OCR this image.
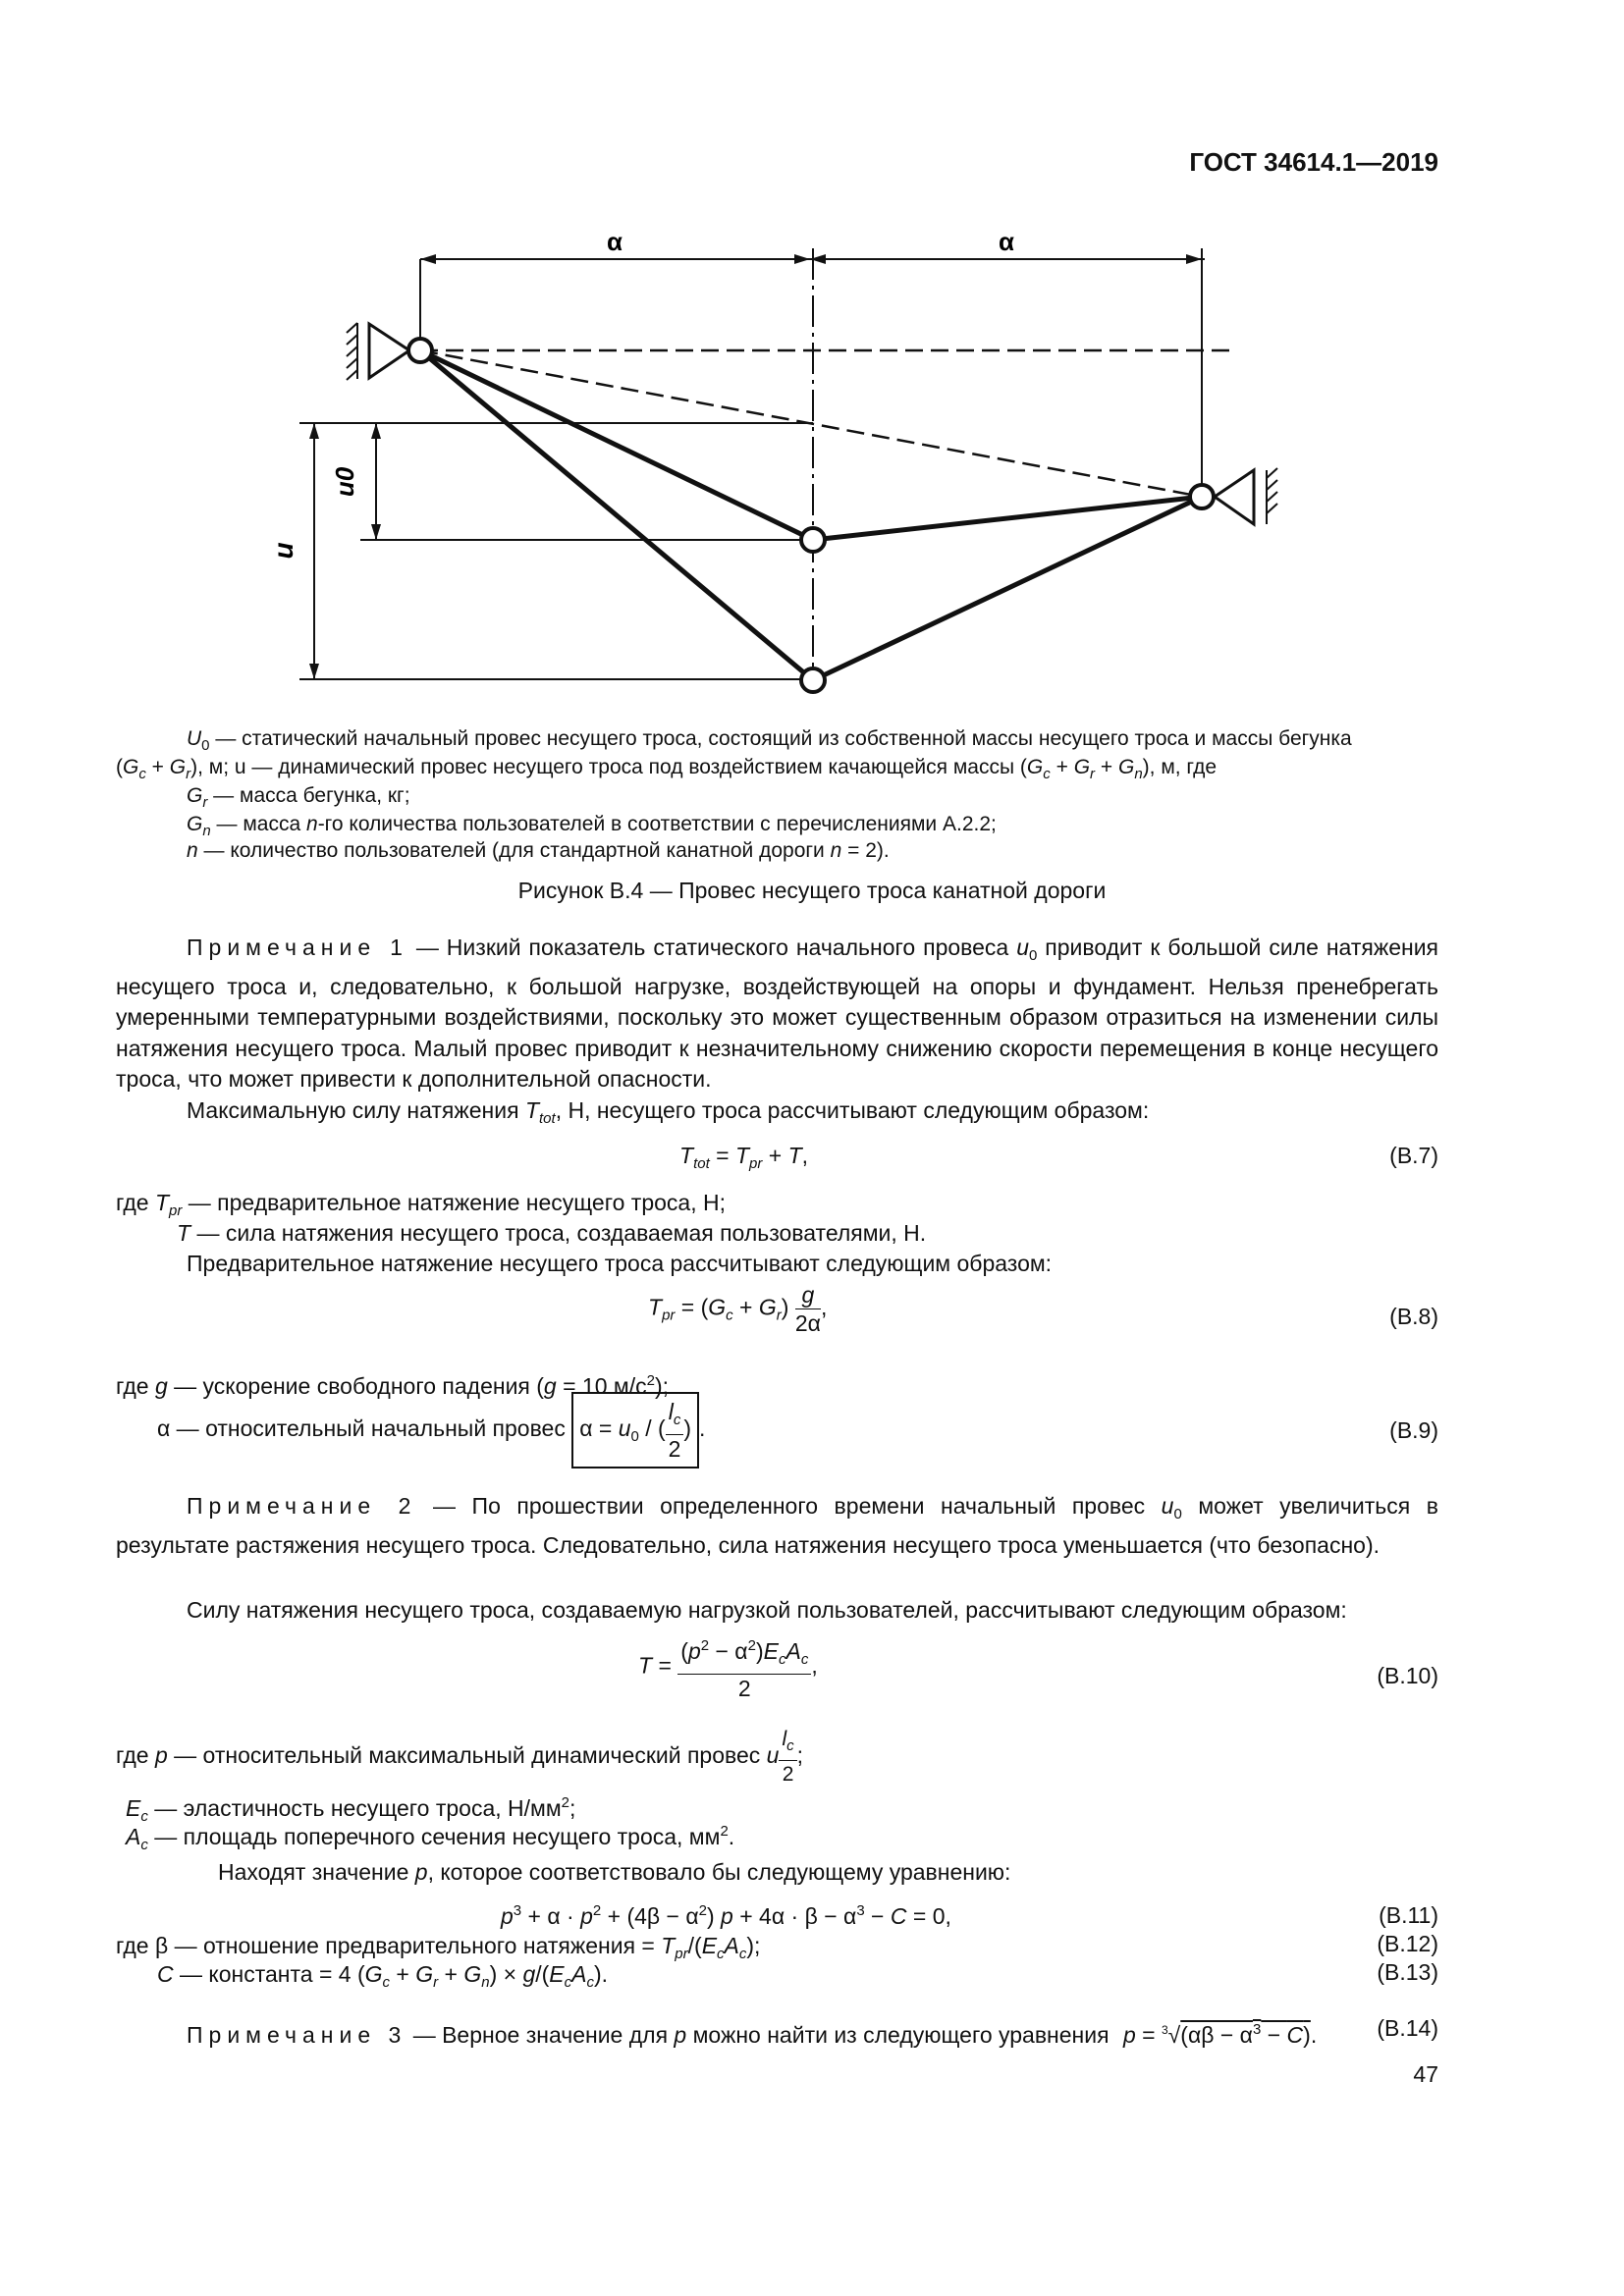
ГОСТ 34614.1—2019
α	α
u0
u
$U_0$ — статический начальный провес несущего троса, состоящий из собственной массы несущего троса и массы бегунка
$(G_c + G_r)$, м; u — динамический провес несущего троса под воздействием качающейся массы $(G_c + G_r + G_n)$, м, где
$G_r$ — масса бегунка, кг;
$G_n$ — масса n-го количества пользователей в соответствии с перечислениями А.2.2;
n — количество пользователей (для стандартной канатной дороги n = 2).
Рисунок В.4 — Провес несущего троса канатной дороги
Примечание 1 — Низкий показатель статического начального провеса $u_0$ приводит к большой силе натяжения несущего троса и, следовательно, к большой нагрузке, воздействующей на опоры и фундамент. Нельзя пренебрегать умеренными температурными воздействиями, поскольку это может существенным образом отразиться на изменении силы натяжения несущего троса. Малый провес приводит к незначительному снижению скорости перемещения в конце несущего троса, что может привести к дополнительной опасности.
Максимальную силу натяжения $T_{tot}$, Н, несущего троса рассчитывают следующим образом:
$T_{tot} = T_{pr} + T$,	(В.7)
где $T_{pr}$ — предварительное натяжение несущего троса, Н;
T — сила натяжения несущего троса, создаваемая пользователями, Н.
Предварительное натяжение несущего троса рассчитывают следующим образом:
$T_{pr} = (G_c + G_r) \frac{g}{2\alpha}$ ,	(В.8)
где g — ускорение свободного падения (g = 10 $м/с^2$);
α — относительный начальный провес $\alpha = u_0$ / ( $\frac{l_c}{2}$ ) .	(В.9)
Примечание 2 — По прошествии определенного времени начальный провес $u_0$ может увеличиться в результате растяжения несущего троса. Следовательно, сила натяжения несущего троса уменьшается (что безопасно).
Силу натяжения несущего троса, создаваемую нагрузкой пользователей, рассчитывают следующим образом:
$T = \frac{(p^2 - \alpha^2)E_cA_c}{2}$ ,	(В.10)
где p — относительный максимальный динамический провес u $\frac{l_c}{2}$ ;
$E_c$ — эластичность несущего троса, $Н/мм^2$;
$A_c$ — площадь поперечного сечения несущего троса, $мм^2$.
Находят значение p, которое соответствовало бы следующему уравнению:
$p^3 + \alpha \cdot p^2 + (4\beta - \alpha^2) p + 4\alpha \cdot \beta - \alpha^3 - C = 0$,	(В.11)
где β — отношение предварительного натяжения = $T_{pr}/(E_cA_c)$;	(В.12)
C — константа = 4 $(G_c + G_r + G_n) \times g/(E_cA_c)$.	(В.13)
Примечание 3 — Верное значение для p можно найти из следующего уравнения $p = ^3√(\alpha\beta - \alpha^3 - C)$.	(В.14)
47
